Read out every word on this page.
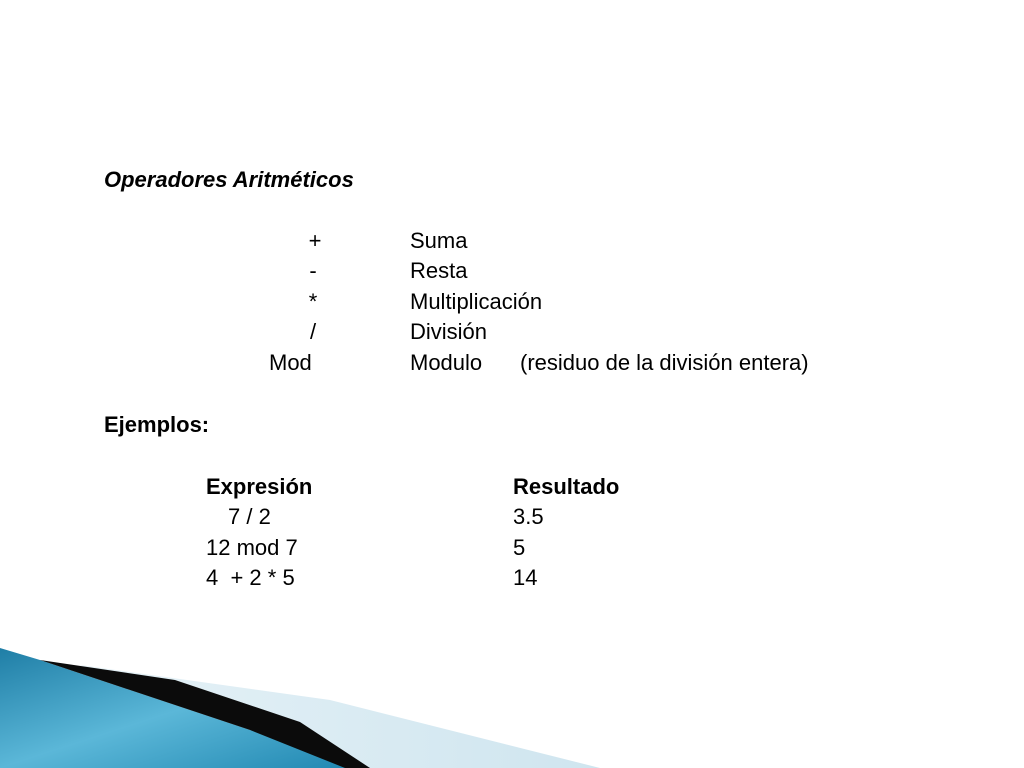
Operadores Aritméticos
+	Suma
-	Resta
*	Multiplicación
/	División
Mod	Modulo (residuo de la división entera)
Ejemplos:
Expresión	Resultado
7 / 2	3.5
12 mod 7	5
4  + 2 * 5	14
